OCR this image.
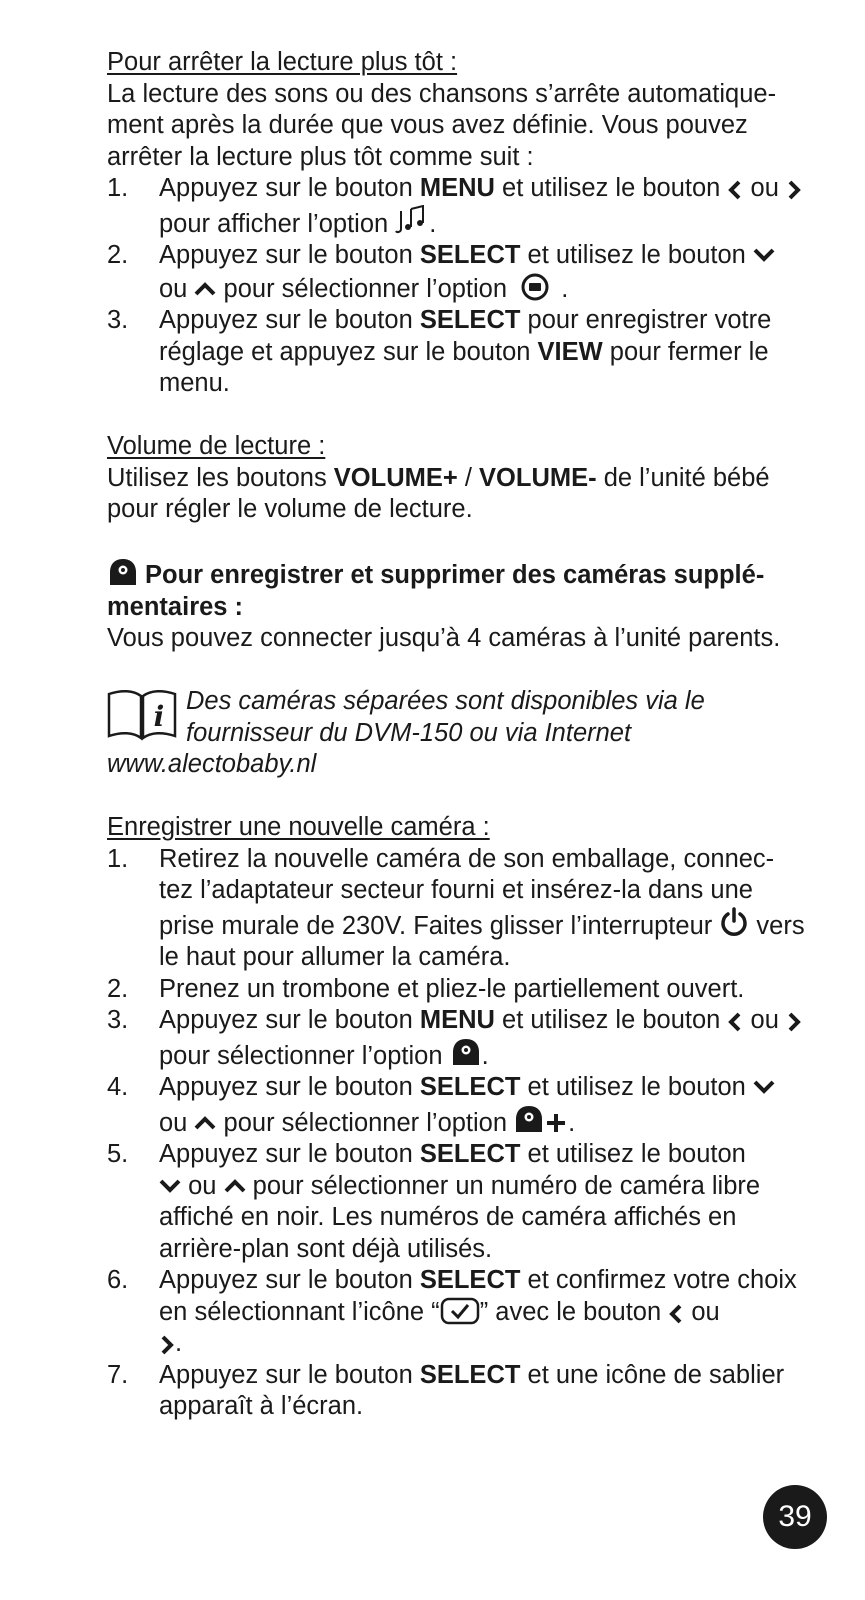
Pour arrêter la lecture plus tôt :

La lecture des sons ou des chansons s’arrête automatique-ment après la durée que vous avez définie. Vous pouvez arrêter la lecture plus tôt comme suit :

1. Appuyez sur le bouton MENU et utilisez le bouton  ou  pour afficher l’option .
2. Appuyez sur le bouton SELECT et utilisez le bouton  ou  pour sélectionner l’option  .
3. Appuyez sur le bouton SELECT pour enregistrer votre réglage et appuyez sur le bouton VIEW pour fermer le menu.

Volume de lecture :

Utilisez les boutons VOLUME+ / VOLUME- de l’unité bébé pour régler le volume de lecture.

Pour enregistrer et supprimer des caméras supplé-mentaires :

Vous pouvez connecter jusqu’à 4 caméras à l’unité parents.

i Des caméras séparées sont disponibles via le fournisseur du DVM-150 ou via Internet

www.alectobaby.nl

Enregistrer une nouvelle caméra :

1. Retirez la nouvelle caméra de son emballage, connec-tez l’adaptateur secteur fourni et insérez-la dans une prise murale de 230V. Faites glisser l’interrupteur  vers le haut pour allumer la caméra.
2. Prenez un trombone et pliez-le partiellement ouvert.
3. Appuyez sur le bouton MENU et utilisez le bouton  ou  pour sélectionner l’option .
4. Appuyez sur le bouton SELECT et utilisez le bouton  ou  pour sélectionner l’option .
5. Appuyez sur le bouton SELECT et utilisez le bouton
ou  pour sélectionner un numéro de caméra libre affiché en noir. Les numéros de caméra affichés en arrière-plan sont déjà utilisés.
6. Appuyez sur le bouton SELECT et confirmez votre choix en sélectionnant l’icône “ ” avec le bouton  ou
.
7. Appuyez sur le bouton SELECT et une icône de sablier apparaît à l’écran.
39
